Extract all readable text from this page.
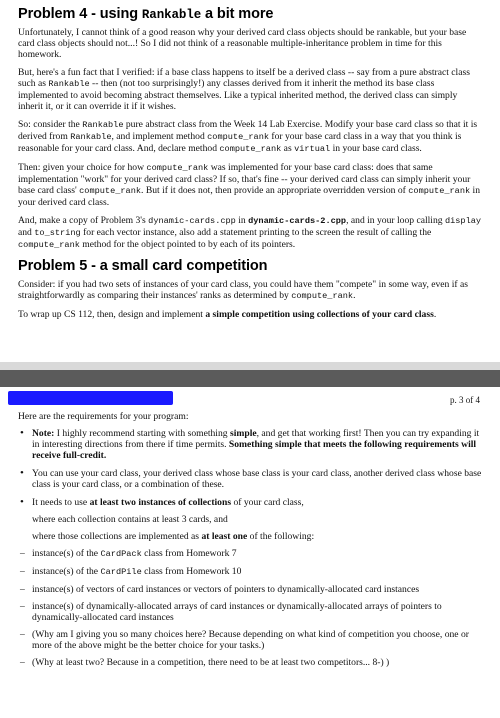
Problem 4 - using Rankable a bit more

Unfortunately, I cannot think of a good reason why your derived card class objects should be rankable, but your base card class objects should not...! So I did not think of a reasonable multiple-inheritance problem in time for this homework.

But, here's a fun fact that I verified: if a base class happens to itself be a derived class -- say from a pure abstract class such as Rankable -- then (not too surprisingly!) any classes derived from it inherit the method its base class implemented to avoid becoming abstract themselves. Like a typical inherited method, the derived class can simply inherit it, or it can override it if it wishes.

So: consider the Rankable pure abstract class from the Week 14 Lab Exercise. Modify your base card class so that it is derived from Rankable, and implement method compute_rank for your base card class in a way that you think is reasonable for your card class. And, declare method compute_rank as virtual in your base card class.

Then: given your choice for how compute_rank was implemented for your base card class: does that same implementation "work" for your derived card class? If so, that's fine -- your derived card class can simply inherit your base card class' compute_rank. But if it does not, then provide an appropriate overridden version of compute_rank in your derived card class.

And, make a copy of Problem 3's dynamic-cards.cpp in dynamic-cards-2.cpp, and in your loop calling display and to_string for each vector instance, also add a statement printing to the screen the result of calling the compute_rank method for the object pointed to by each of its pointers.

Problem 5 - a small card competition

Consider: if you had two sets of instances of your card class, you could have them "compete" in some way, even if as straightforwardly as comparing their instances' ranks as determined by compute_rank.

To wrap up CS 112, then, design and implement a simple competition using collections of your card class.

p. 3 of 4

Here are the requirements for your program:

• Note: I highly recommend starting with something simple, and get that working first! Then you can try expanding it in interesting directions from there if time permits. Something simple that meets the following requirements will receive full-credit.
• You can use your card class, your derived class whose base class is your card class, another derived class whose base class is your card class, or a combination of these.
• It needs to use at least two instances of collections of your card class,

where each collection contains at least 3 cards, and

where those collections are implemented as at least one of the following:

– instance(s) of the CardPack class from Homework 7
– instance(s) of the CardPile class from Homework 10
– instance(s) of vectors of card instances or vectors of pointers to dynamically-allocated card instances
– instance(s) of dynamically-allocated arrays of card instances or dynamically-allocated arrays of pointers to dynamically-allocated card instances
– (Why am I giving you so many choices here? Because depending on what kind of competition you choose, one or more of the above might be the better choice for your tasks.)
– (Why at least two? Because in a competition, there need to be at least two competitors... 8-) )
